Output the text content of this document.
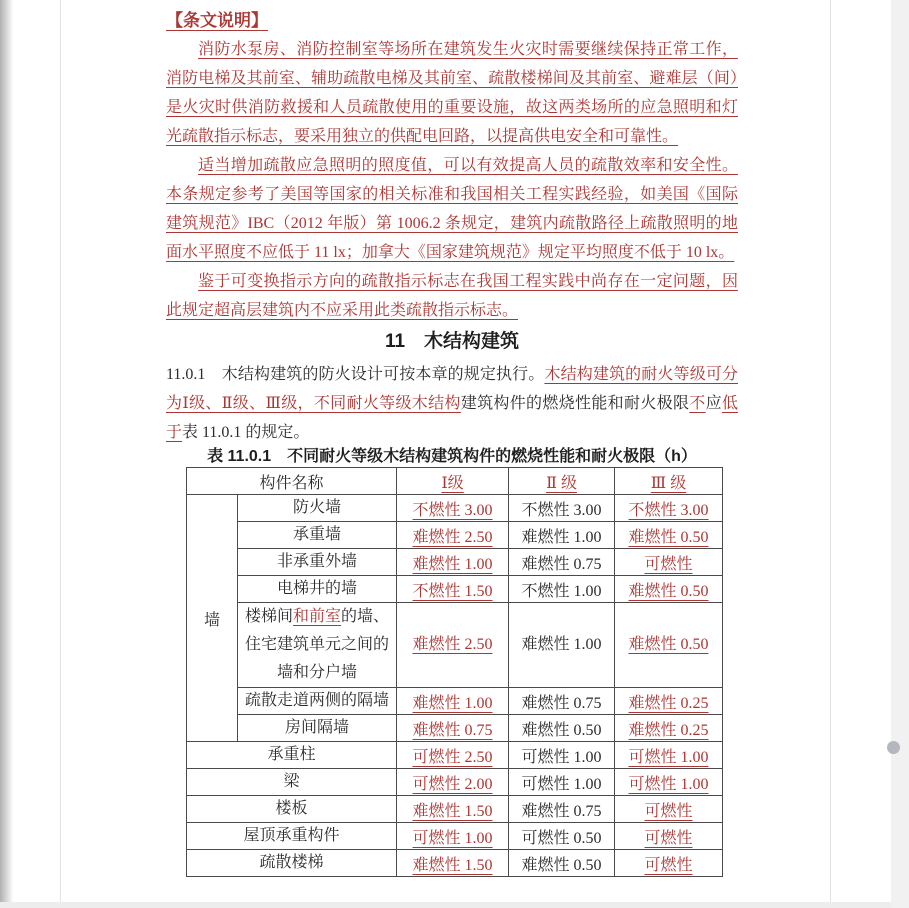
【条文说明】

消防水泵房、消防控制室等场所在建筑发生火灾时需要继续保持正常工作，消防电梯及其前室、辅助疏散电梯及其前室、疏散楼梯间及其前室、避难层（间）是火灾时供消防救援和人员疏散使用的重要设施，故这两类场所的应急照明和灯光疏散指示标志，要采用独立的供配电回路，以提高供电安全和可靠性。

适当增加疏散应急照明的照度值，可以有效提高人员的疏散效率和安全性。本条规定参考了美国等国家的相关标准和我国相关工程实践经验，如美国《国际建筑规范》IBC（2012 年版）第 1006.2 条规定，建筑内疏散路径上疏散照明的地面水平照度不应低于 11 lx；加拿大《国家建筑规范》规定平均照度不低于 10 lx。

鉴于可变换指示方向的疏散指示标志在我国工程实践中尚存在一定问题，因此规定超高层建筑内不应采用此类疏散指示标志。

11　木结构建筑

11.0.1　木结构建筑的防火设计可按本章的规定执行。木结构建筑的耐火等级可分为Ⅰ级、Ⅱ级、Ⅲ级，不同耐火等级木结构建筑构件的燃烧性能和耐火极限不应低于表 11.0.1 的规定。

表 11.0.1　不同耐火等级木结构建筑构件的燃烧性能和耐火极限（h）
构件名称		Ⅰ级	Ⅱ 级	Ⅲ 级
墙	防火墙	不燃性 3.00	不燃性 3.00	不燃性 3.00
	承重墙	难燃性 2.50	难燃性 1.00	难燃性 0.50
	非承重外墙	难燃性 1.00	难燃性 0.75	可燃性
	电梯井的墙	不燃性 1.50	不燃性 1.00	难燃性 0.50
	楼梯间和前室的墙、住宅建筑单元之间的墙和分户墙	难燃性 2.50	难燃性 1.00	难燃性 0.50
	疏散走道两侧的隔墙	难燃性 1.00	难燃性 0.75	难燃性 0.25
	房间隔墙	难燃性 0.75	难燃性 0.50	难燃性 0.25
承重柱		可燃性 2.50	可燃性 1.00	可燃性 1.00
梁		可燃性 2.00	可燃性 1.00	可燃性 1.00
楼板		难燃性 1.50	难燃性 0.75	可燃性
屋顶承重构件		可燃性 1.00	可燃性 0.50	可燃性
疏散楼梯		难燃性 1.50	难燃性 0.50	可燃性
